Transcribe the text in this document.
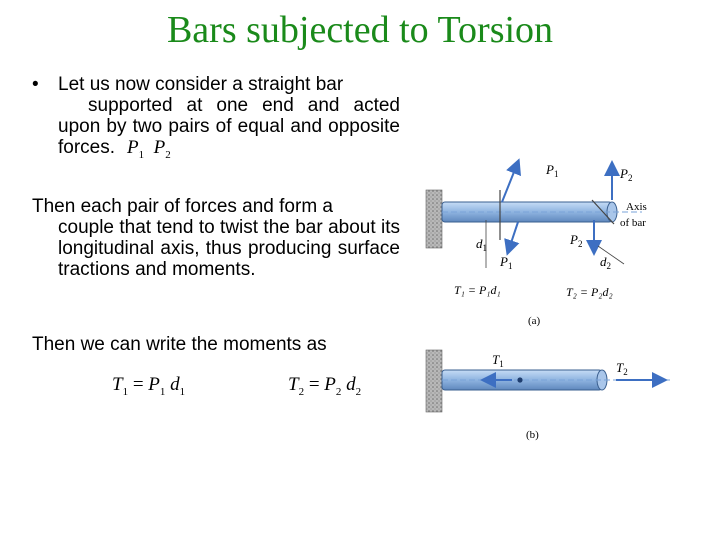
Bars subjected to Torsion
• Let us now consider a straight bar
supported at one end and acted upon by two pairs of equal and opposite forces. $P_1$ $P_2$
Then each pair of forces and form a
couple that tend to twist the bar about its longitudinal axis, thus producing surface tractions and moments.
Then we can write the moments as
$T_1 = P_1$ $d_1$	$T_2 = P_2$ $d_2$
$P_1$	$P_2$
Axis
of bar
$d_1$
$P_1$
$P_2$
$d_2$
T₁ = P₁d₁	T₂ = P₂d₂
(a)
$T_1$	$T_2$
(b)
